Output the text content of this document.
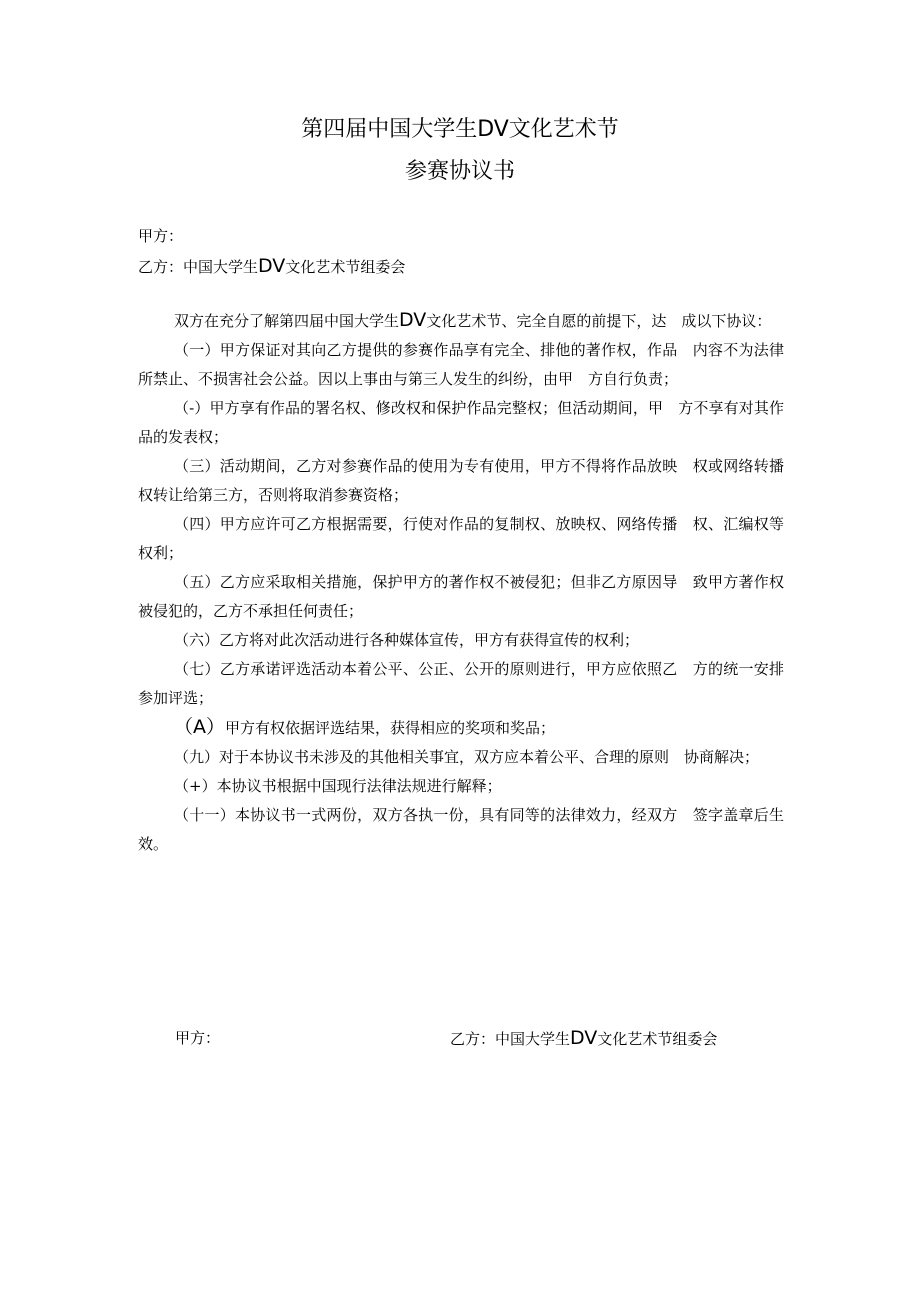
第四届中国大学生DV文化艺术节
参赛协议书
甲方：
乙方：中国大学生DV文化艺术节组委会

双方在充分了解第四届中国大学生DV文化艺术节、完全自愿的前提下，达　成以下协议：

（一）甲方保证对其向乙方提供的参赛作品享有完全、排他的著作权，作品　内容不为法律所禁止、不损害社会公益。因以上事由与第三人发生的纠纷，由甲　方自行负责；

（-）甲方享有作品的署名权、修改权和保护作品完整权；但活动期间，甲　方不享有对其作品的发表权；

（三）活动期间，乙方对参赛作品的使用为专有使用，甲方不得将作品放映　权或网络转播权转让给第三方，否则将取消参赛资格；

（四）甲方应许可乙方根据需要，行使对作品的复制权、放映权、网络传播　权、汇编权等权利；

（五）乙方应采取相关措施，保护甲方的著作权不被侵犯；但非乙方原因导　致甲方著作权被侵犯的，乙方不承担任何责任；

（六）乙方将对此次活动进行各种媒体宣传，甲方有获得宣传的权利；

（七）乙方承诺评选活动本着公平、公正、公开的原则进行，甲方应依照乙　方的统一安排参加评选；

（A）甲方有权依据评选结果，获得相应的奖项和奖品；

（九）对于本协议书未涉及的其他相关事宜，双方应本着公平、合理的原则　协商解决；

（+）本协议书根据中国现行法律法规进行解释；

（十一）本协议书一式两份，双方各执一份，具有同等的法律效力，经双方　签字盖章后生效。

甲方：	乙方：中国大学生DV文化艺术节组委会
